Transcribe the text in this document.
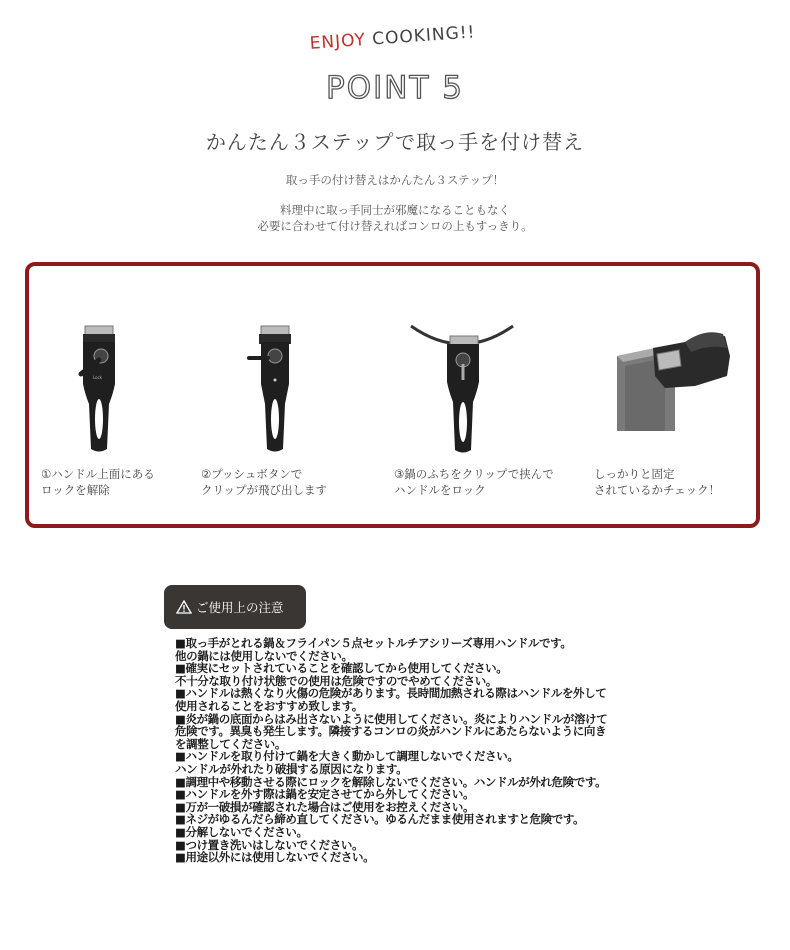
ENJOY COOKING!!
POINT 5
かんたん３ステップで取っ手を付け替え
取っ手の付け替えはかんたん３ステップ！
料理中に取っ手同士が邪魔になることもなく
必要に合わせて付け替えればコンロの上もすっきり。
Lock
①ハンドル上面にある
ロックを解除
②プッシュボタンで
クリップが飛び出します
③鍋のふちをクリップで挟んで
ハンドルをロック
しっかりと固定
されているかチェック！
ご使用上の注意
■取っ手がとれる鍋＆フライパン５点セットルチアシリーズ専用ハンドルです。
他の鍋には使用しないでください。
■確実にセットされていることを確認してから使用してください。
不十分な取り付け状態での使用は危険ですのでやめてください。
■ハンドルは熱くなり火傷の危険があります。長時間加熱される際はハンドルを外して
使用されることをおすすめ致します。
■炎が鍋の底面からはみ出さないように使用してください。炎によりハンドルが溶けて
危険です。異臭も発生します。隣接するコンロの炎がハンドルにあたらないように向き
を調整してください。
■ハンドルを取り付けて鍋を大きく動かして調理しないでください。
ハンドルが外れたり破損する原因になります。
■調理中や移動させる際にロックを解除しないでください。ハンドルが外れ危険です。
■ハンドルを外す際は鍋を安定させてから外してください。
■万が一破損が確認された場合はご使用をお控えください。
■ネジがゆるんだら締め直してください。ゆるんだまま使用されますと危険です。
■分解しないでください。
■つけ置き洗いはしないでください。
■用途以外には使用しないでください。
